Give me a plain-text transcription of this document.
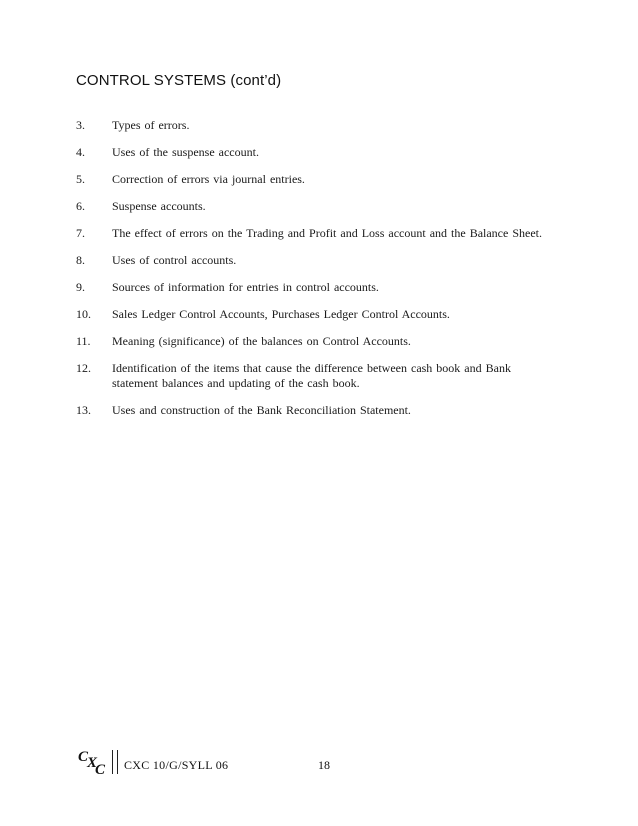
CONTROL SYSTEMS (cont’d)
3.	Types of errors.
4.	Uses of the suspense account.
5.	Correction of errors via journal entries.
6.	Suspense accounts.
7.	The effect of errors on the Trading and Profit and Loss account and the Balance Sheet.
8.	Uses of control accounts.
9.	Sources of information for entries in control accounts.
10.	Sales Ledger Control Accounts, Purchases Ledger Control Accounts.
11.	Meaning (significance) of the balances on Control Accounts.
12.	Identification of the items that cause the difference between cash book and Bank statement balances and updating of the cash book.
13.	Uses and construction of the Bank Reconciliation Statement.
C
X
C CXC 10/G/SYLL 06	18
